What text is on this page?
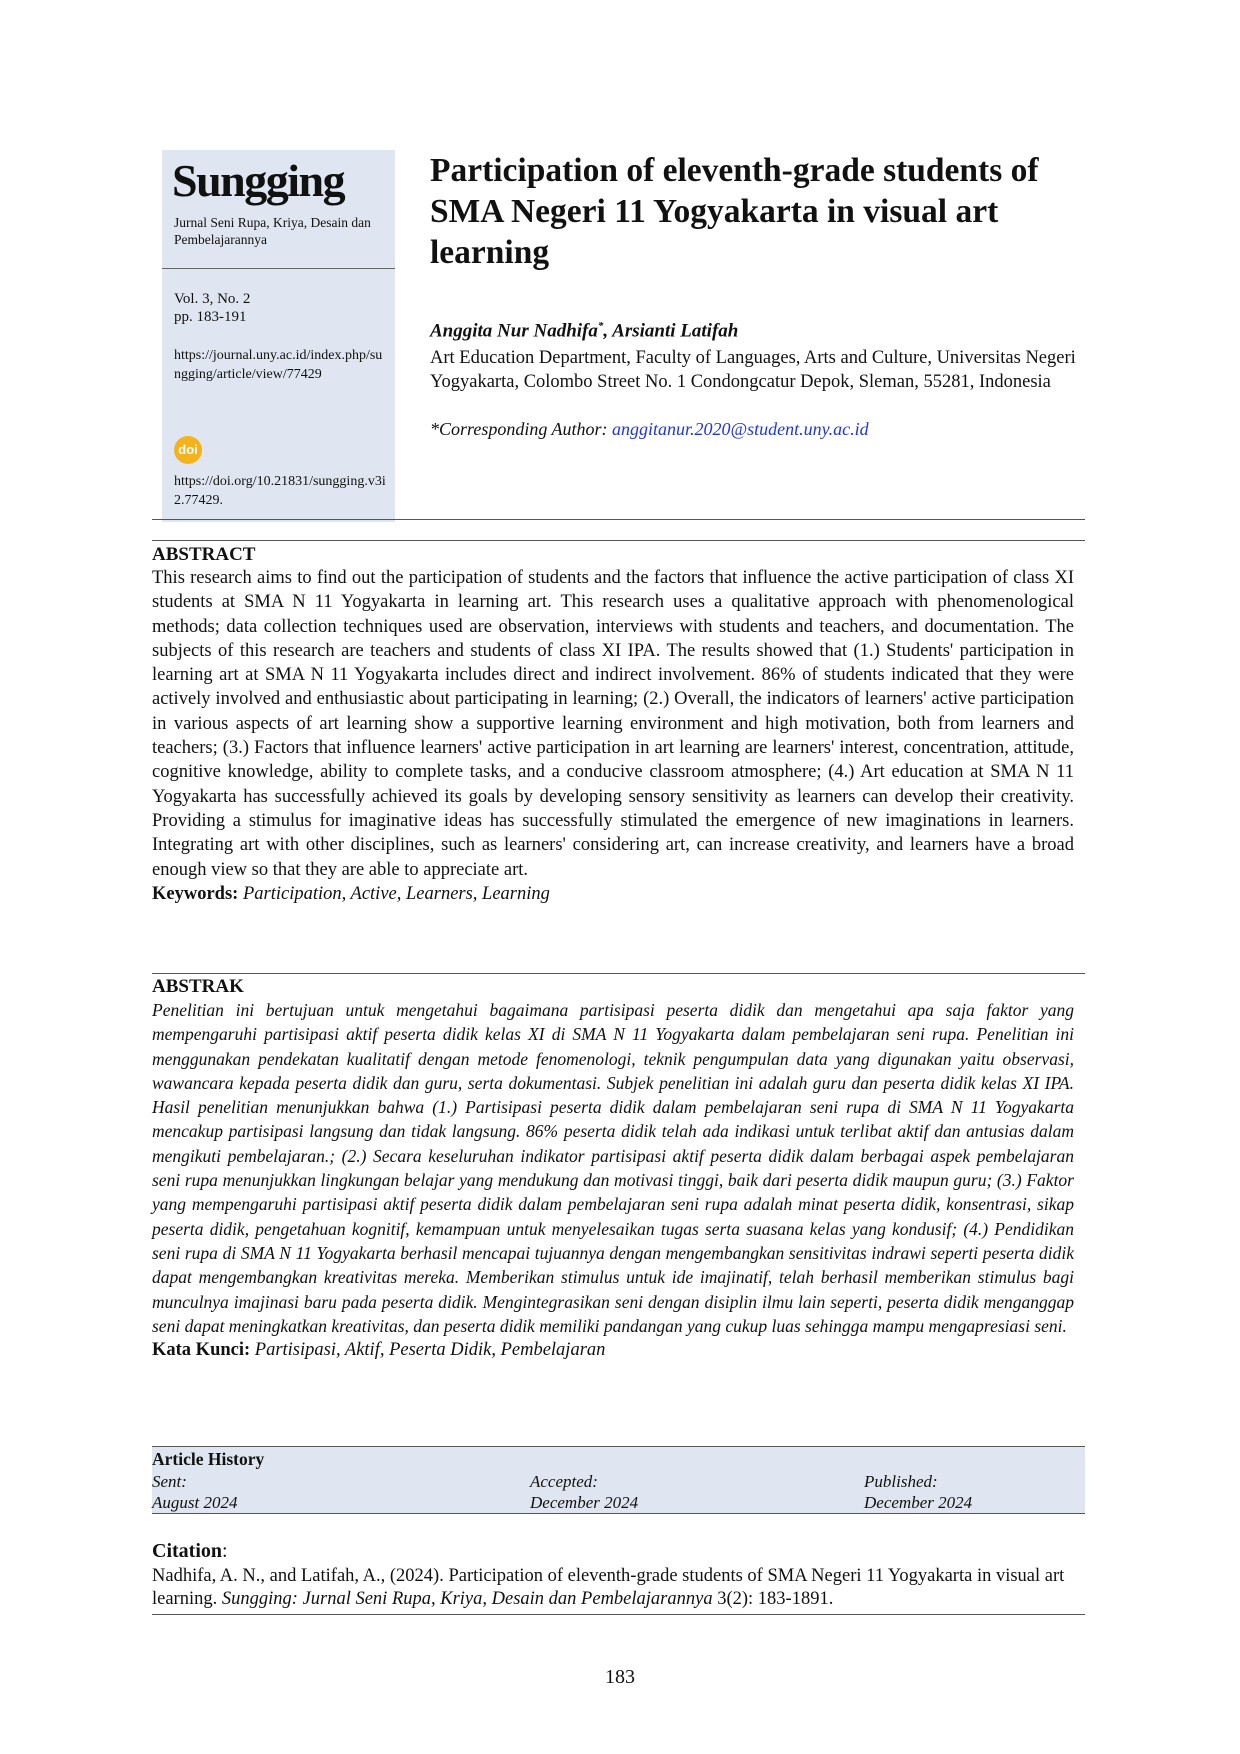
Sungging
Jurnal Seni Rupa, Kriya, Desain dan Pembelajarannya
Vol. 3, No. 2
pp. 183-191
https://journal.uny.ac.id/index.php/sungging/article/view/77429
doi
https://doi.org/10.21831/sungging.v3i2.77429.
Participation of eleventh-grade students of SMA Negeri 11 Yogyakarta in visual art learning
Anggita Nur Nadhifa*, Arsianti Latifah
Art Education Department, Faculty of Languages, Arts and Culture, Universitas Negeri Yogyakarta, Colombo Street No. 1 Condongcatur Depok, Sleman, 55281, Indonesia
*Corresponding Author: anggitanur.2020@student.uny.ac.id
ABSTRACT
This research aims to find out the participation of students and the factors that influence the active participation of class XI students at SMA N 11 Yogyakarta in learning art. This research uses a qualitative approach with phenomenological methods; data collection techniques used are observation, interviews with students and teachers, and documentation. The subjects of this research are teachers and students of class XI IPA. The results showed that (1.) Students' participation in learning art at SMA N 11 Yogyakarta includes direct and indirect involvement. 86% of students indicated that they were actively involved and enthusiastic about participating in learning; (2.) Overall, the indicators of learners' active participation in various aspects of art learning show a supportive learning environment and high motivation, both from learners and teachers; (3.) Factors that influence learners' active participation in art learning are learners' interest, concentration, attitude, cognitive knowledge, ability to complete tasks, and a conducive classroom atmosphere; (4.) Art education at SMA N 11 Yogyakarta has successfully achieved its goals by developing sensory sensitivity as learners can develop their creativity. Providing a stimulus for imaginative ideas has successfully stimulated the emergence of new imaginations in learners. Integrating art with other disciplines, such as learners' considering art, can increase creativity, and learners have a broad enough view so that they are able to appreciate art.
Keywords: Participation, Active, Learners, Learning
ABSTRAK
Penelitian ini bertujuan untuk mengetahui bagaimana partisipasi peserta didik dan mengetahui apa saja faktor yang mempengaruhi partisipasi aktif peserta didik kelas XI di SMA N 11 Yogyakarta dalam pembelajaran seni rupa. Penelitian ini menggunakan pendekatan kualitatif dengan metode fenomenologi, teknik pengumpulan data yang digunakan yaitu observasi, wawancara kepada peserta didik dan guru, serta dokumentasi. Subjek penelitian ini adalah guru dan peserta didik kelas XI IPA. Hasil penelitian menunjukkan bahwa (1.) Partisipasi peserta didik dalam pembelajaran seni rupa di SMA N 11 Yogyakarta mencakup partisipasi langsung dan tidak langsung. 86% peserta didik telah ada indikasi untuk terlibat aktif dan antusias dalam mengikuti pembelajaran.; (2.) Secara keseluruhan indikator partisipasi aktif peserta didik dalam berbagai aspek pembelajaran seni rupa menunjukkan lingkungan belajar yang mendukung dan motivasi tinggi, baik dari peserta didik maupun guru; (3.) Faktor yang mempengaruhi partisipasi aktif peserta didik dalam pembelajaran seni rupa adalah minat peserta didik, konsentrasi, sikap peserta didik, pengetahuan kognitif, kemampuan untuk menyelesaikan tugas serta suasana kelas yang kondusif; (4.) Pendidikan seni rupa di SMA N 11 Yogyakarta berhasil mencapai tujuannya dengan mengembangkan sensitivitas indrawi seperti peserta didik dapat mengembangkan kreativitas mereka. Memberikan stimulus untuk ide imajinatif, telah berhasil memberikan stimulus bagi munculnya imajinasi baru pada peserta didik. Mengintegrasikan seni dengan disiplin ilmu lain seperti, peserta didik menganggap seni dapat meningkatkan kreativitas, dan peserta didik memiliki pandangan yang cukup luas sehingga mampu mengapresiasi seni.
Kata Kunci: Partisipasi, Aktif, Peserta Didik, Pembelajaran
Article History
Sent:
August 2024
Accepted:
December 2024
Published:
December 2024
Citation:
Nadhifa, A. N., and Latifah, A., (2024). Participation of eleventh-grade students of SMA Negeri 11 Yogyakarta in visual art learning. Sungging: Jurnal Seni Rupa, Kriya, Desain dan Pembelajarannya 3(2): 183-1891.
183
